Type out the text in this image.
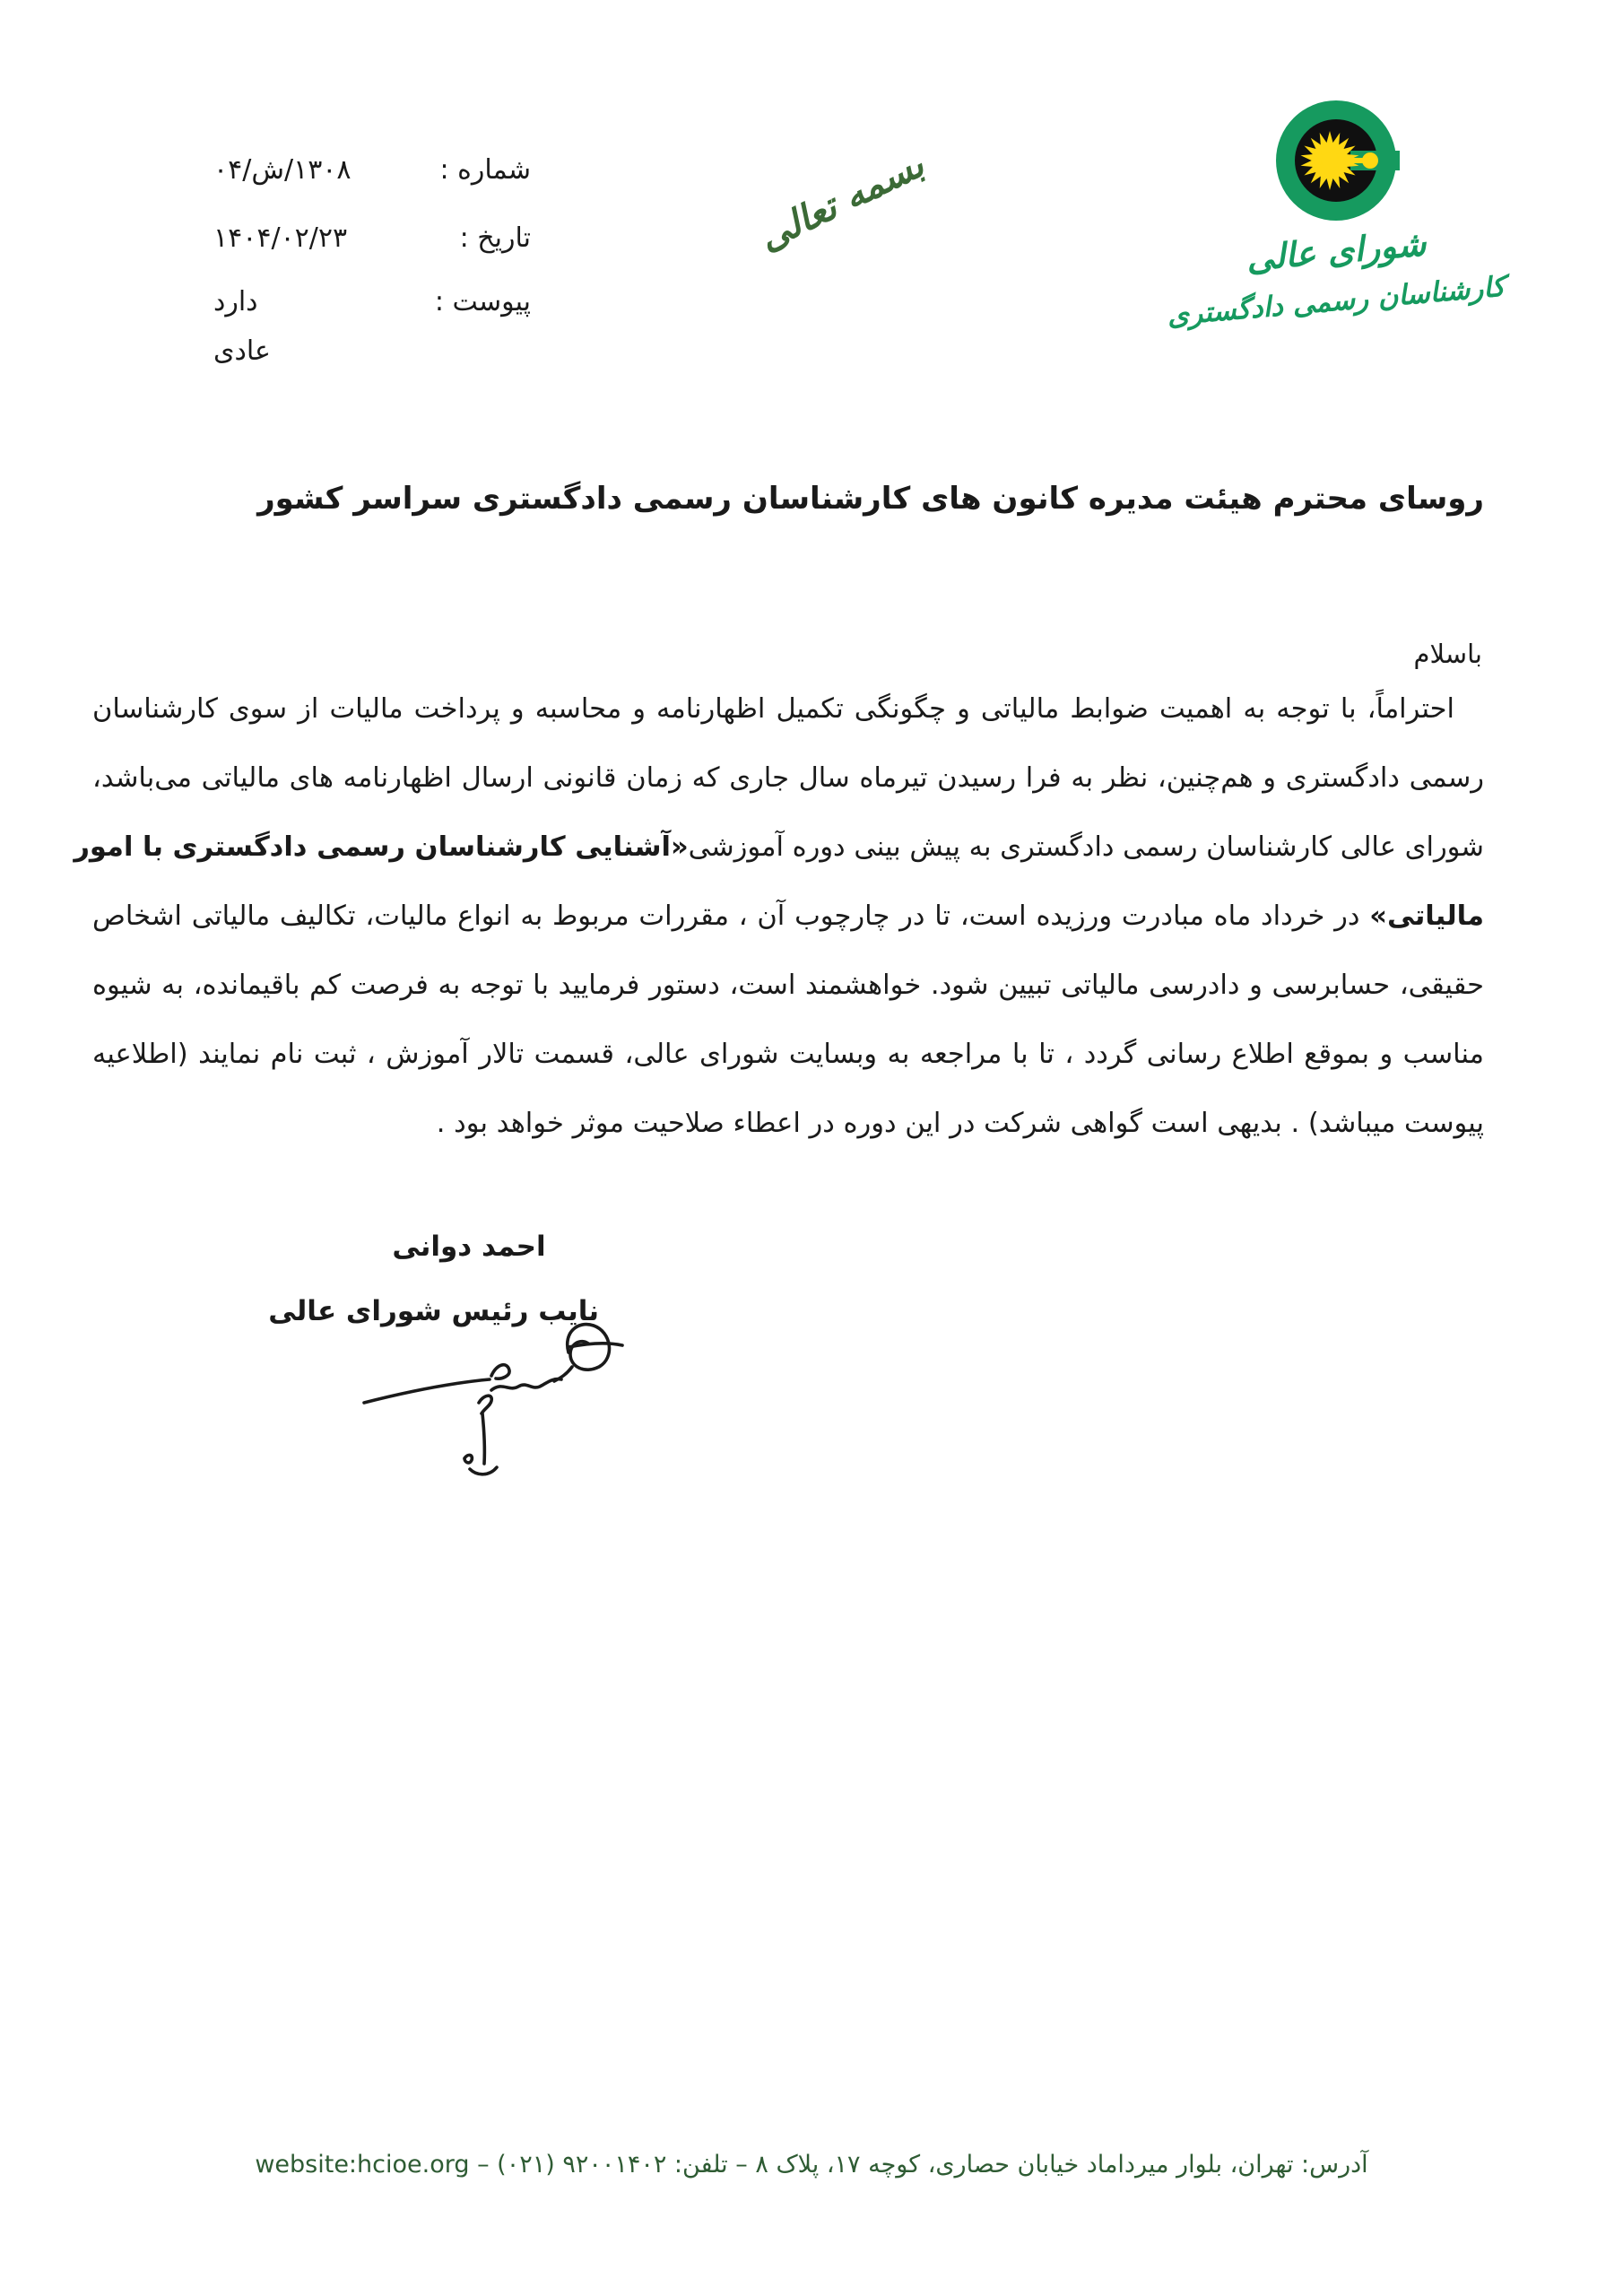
شماره :
۱۳۰۸/ش/۰۴
تاریخ :
۱۴۰۴/۰۲/۲۳
پیوست :
دارد
عادی
بسمه تعالی	شورای عالی
کارشناسان رسمی دادگستری
روسای محترم هیئت مدیره کانون های کارشناسان رسمی دادگستری سراسر کشور
باسلام

احتراماً، با توجه به اهمیت ضوابط مالیاتی و چگونگی تکمیل اظهارنامه و محاسبه و پرداخت مالیات از سوی کارشناسان

رسمی دادگستری و هم‌چنین، نظر به فرا رسیدن تیرماه سال جاری که زمان قانونی ارسال اظهارنامه های مالیاتی می‌باشد،

شورای عالی کارشناسان رسمی دادگستری به پیش بینی دوره آموزشی«آشنایی کارشناسان رسمی دادگستری با امور

مالیاتی» در خرداد ماه مبادرت ورزیده است، تا در چارچوب آن ، مقررات مربوط به انواع مالیات، تکالیف مالیاتی اشخاص

حقیقی، حسابرسی و دادرسی مالیاتی تبیین شود. خواهشمند است، دستور فرمایید با توجه به فرصت کم باقیمانده، به شیوه

مناسب و بموقع اطلاع رسانی گردد ، تا با مراجعه به وبسایت شورای عالی، قسمت تالار آموزش ، ثبت نام نمایند (اطلاعیه

پیوست میباشد) . بدیهی است گواهی شرکت در این دوره در اعطاء صلاحیت موثر خواهد بود .

احمد دوانی
نایب رئیس شورای عالی
آدرس: تهران، بلوار میرداماد خیابان حصاری، کوچه ۱۷، پلاک ۸ – تلفن: ۹۲۰۰۱۴۰۲ (۰۲۱) – website:hcioe.org
